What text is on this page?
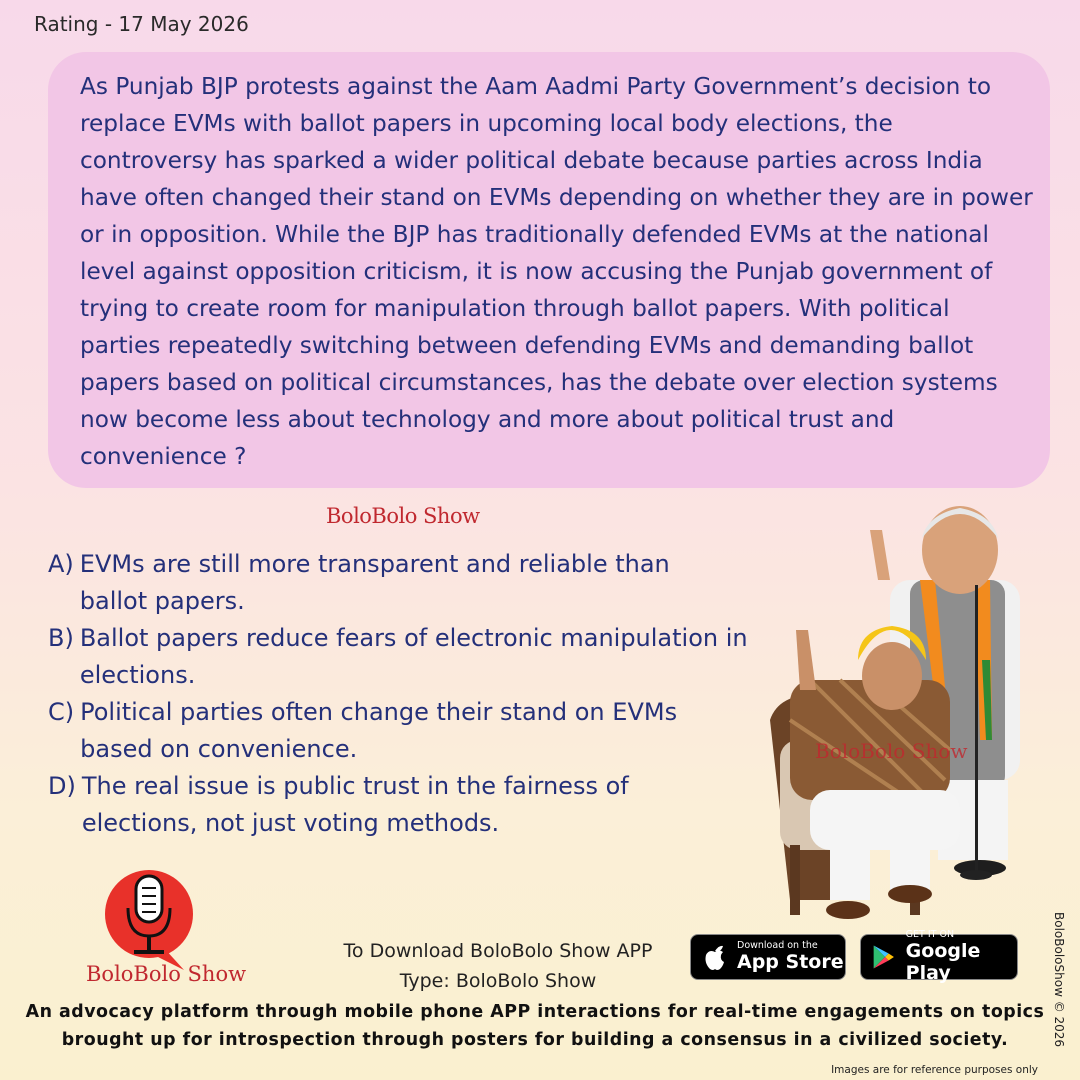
Rating - 17 May 2026

As Punjab BJP protests against the Aam Aadmi Party Government’s decision to replace EVMs with ballot papers in upcoming local body elections, the controversy has sparked a wider political debate because parties across India have often changed their stand on EVMs depending on whether they are in power or in opposition. While the BJP has traditionally defended EVMs at the national level against opposition criticism, it is now accusing the Punjab government of trying to create room for manipulation through ballot papers. With political parties repeatedly switching between defending EVMs and demanding ballot papers based on political circumstances, has the debate over election systems now become less about technology and more about political trust and convenience ?

BoloBolo Show
A) EVMs are still more transparent and reliable than ballot papers.
B) Ballot papers reduce fears of electronic manipulation in elections.
C) Political parties often change their stand on EVMs based on convenience.
D) The real issue is public trust in the fairness of elections, not just voting methods.
BoloBolo Show
BoloBolo Show
To Download BoloBolo Show APP
Type: BoloBolo Show
Download on the
App Store
GET IT ON
Google Play
An advocacy platform through mobile phone APP interactions for real-time engagements on topics brought up for introspection through posters for building a consensus in a civilized society.	BoloBoloShow © 2026
Images are for reference purposes only
